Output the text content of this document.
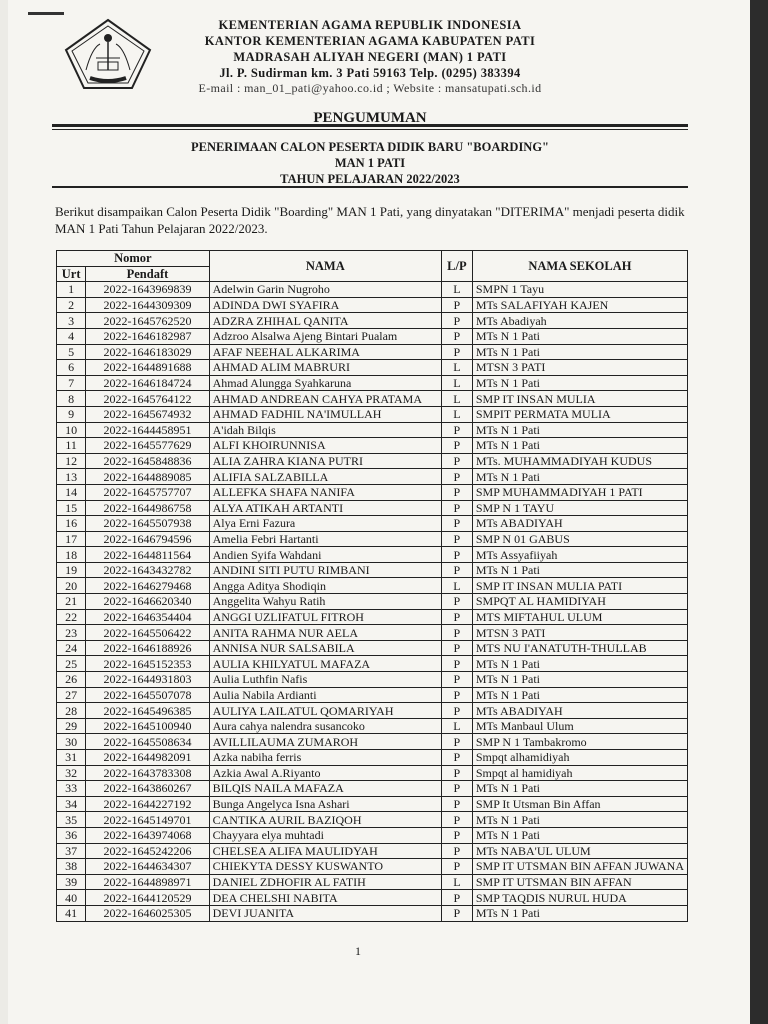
KEMENTERIAN AGAMA REPUBLIK INDONESIA
KANTOR KEMENTERIAN AGAMA KABUPATEN PATI
MADRASAH ALIYAH NEGERI (MAN) 1 PATI
Jl. P. Sudirman km. 3 Pati 59163 Telp. (0295) 383394
E-mail : man_01_pati@yahoo.co.id ; Website : mansatupati.sch.id
PENGUMUMAN
PENERIMAAN CALON PESERTA DIDIK BARU "BOARDING"
MAN 1 PATI
TAHUN PELAJARAN 2022/2023
Berikut disampaikan Calon Peserta Didik "Boarding" MAN 1 Pati, yang dinyatakan "DITERIMA" menjadi peserta didik MAN 1 Pati Tahun Pelajaran 2022/2023.
Nomor		NAMA	L/P	NAMA SEKOLAH
Urt	Pendaft			
1	2022-1643969839	Adelwin Garin Nugroho	L	SMPN 1 Tayu
2	2022-1644309309	ADINDA DWI SYAFIRA	P	MTs SALAFIYAH KAJEN
3	2022-1645762520	ADZRA ZHIHAL QANITA	P	MTs Abadiyah
4	2022-1646182987	Adzroo Alsalwa Ajeng Bintari Pualam	P	MTs N 1 Pati
5	2022-1646183029	AFAF NEEHAL ALKARIMA	P	MTs N 1 Pati
6	2022-1644891688	AHMAD ALIM MABRURI	L	MTSN 3 PATI
7	2022-1646184724	Ahmad Alungga Syahkaruna	L	MTs N 1 Pati
8	2022-1645764122	AHMAD ANDREAN CAHYA PRATAMA	L	SMP IT INSAN MULIA
9	2022-1645674932	AHMAD FADHIL NA'IMULLAH	L	SMPIT PERMATA MULIA
10	2022-1644458951	A'idah Bilqis	P	MTs N 1 Pati
11	2022-1645577629	ALFI KHOIRUNNISA	P	MTs N 1 Pati
12	2022-1645848836	ALIA ZAHRA KIANA PUTRI	P	MTs. MUHAMMADIYAH KUDUS
13	2022-1644889085	ALIFIA SALZABILLA	P	MTs N 1 Pati
14	2022-1645757707	ALLEFKA SHAFA NANIFA	P	SMP MUHAMMADIYAH 1 PATI
15	2022-1644986758	ALYA ATIKAH ARTANTI	P	SMP N 1 TAYU
16	2022-1645507938	Alya Erni Fazura	P	MTs ABADIYAH
17	2022-1646794596	Amelia Febri Hartanti	P	SMP N 01 GABUS
18	2022-1644811564	Andien Syifa Wahdani	P	MTs Assyafiiyah
19	2022-1643432782	ANDINI SITI PUTU RIMBANI	P	MTs N 1 Pati
20	2022-1646279468	Angga Aditya Shodiqin	L	SMP IT INSAN MULIA PATI
21	2022-1646620340	Anggelita Wahyu Ratih	P	SMPQT AL HAMIDIYAH
22	2022-1646354404	ANGGI UZLIFATUL FITROH	P	MTS MIFTAHUL ULUM
23	2022-1645506422	ANITA RAHMA NUR AELA	P	MTSN 3 PATI
24	2022-1646188926	ANNISA NUR SALSABILA	P	MTS NU I'ANATUTH-THULLAB
25	2022-1645152353	AULIA KHILYATUL MAFAZA	P	MTs N 1 Pati
26	2022-1644931803	Aulia Luthfin Nafis	P	MTs N 1 Pati
27	2022-1645507078	Aulia Nabila Ardianti	P	MTs N 1 Pati
28	2022-1645496385	AULIYA LAILATUL QOMARIYAH	P	MTs ABADIYAH
29	2022-1645100940	Aura cahya nalendra susancoko	L	MTs Manbaul Ulum
30	2022-1645508634	AVILLILAUMA ZUMAROH	P	SMP N 1 Tambakromo
31	2022-1644982091	Azka nabiha ferris	P	Smpqt alhamidiyah
32	2022-1643783308	Azkia Awal A.Riyanto	P	Smpqt al hamidiyah
33	2022-1643860267	BILQIS NAILA MAFAZA	P	MTs N 1 Pati
34	2022-1644227192	Bunga Angelyca Isna Ashari	P	SMP It Utsman Bin Affan
35	2022-1645149701	CANTIKA AURIL BAZIQOH	P	MTs N 1 Pati
36	2022-1643974068	Chayyara elya muhtadi	P	MTs N 1 Pati
37	2022-1645242206	CHELSEA ALIFA MAULIDYAH	P	MTs NABA'UL ULUM
38	2022-1644634307	CHIEKYTA DESSY KUSWANTO	P	SMP IT UTSMAN BIN AFFAN JUWANA
39	2022-1644898971	DANIEL ZDHOFIR AL FATIH	L	SMP IT UTSMAN BIN AFFAN
40	2022-1644120529	DEA CHELSHI NABITA	P	SMP TAQDIS NURUL HUDA
41	2022-1646025305	DEVI JUANITA	P	MTs N 1 Pati
1
